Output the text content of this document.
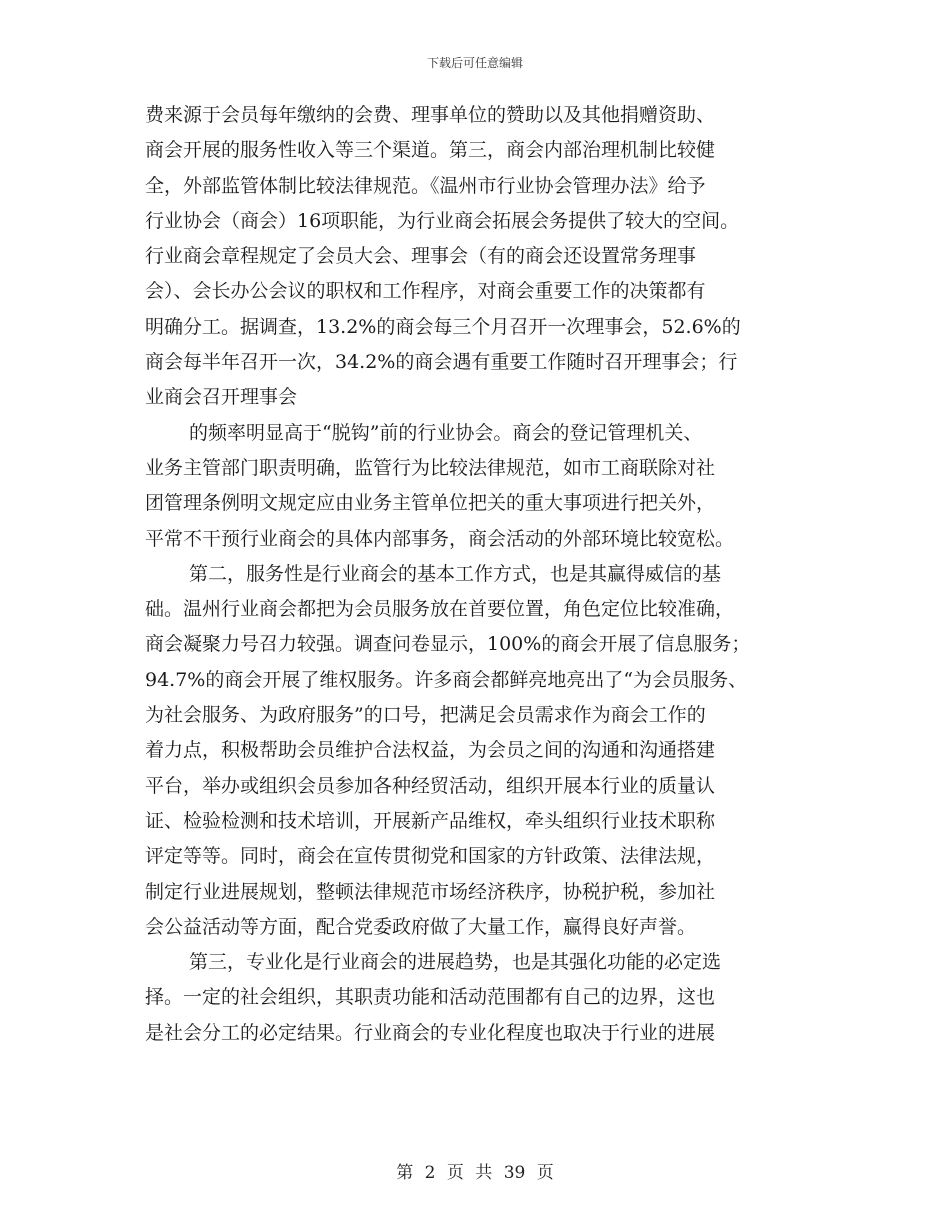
下载后可任意编辑
费来源于会员每年缴纳的会费、理事单位的赞助以及其他捐赠资助、
商会开展的服务性收入等三个渠道。第三，商会内部治理机制比较健
全，外部监管体制比较法律规范。《温州市行业协会管理办法》给予
行业协会（商会）16项职能，为行业商会拓展会务提供了较大的空间。
行业商会章程规定了会员大会、理事会（有的商会还设置常务理事
会）、会长办公会议的职权和工作程序，对商会重要工作的决策都有
明确分工。据调查，13.2%的商会每三个月召开一次理事会，52.6%的
商会每半年召开一次，34.2%的商会遇有重要工作随时召开理事会；行
业商会召开理事会
的频率明显高于“脱钩”前的行业协会。商会的登记管理机关、
业务主管部门职责明确，监管行为比较法律规范，如市工商联除对社
团管理条例明文规定应由业务主管单位把关的重大事项进行把关外，
平常不干预行业商会的具体内部事务，商会活动的外部环境比较宽松。
第二，服务性是行业商会的基本工作方式，也是其赢得威信的基
础。温州行业商会都把为会员服务放在首要位置，角色定位比较准确，
商会凝聚力号召力较强。调查问卷显示，100%的商会开展了信息服务；
94.7%的商会开展了维权服务。许多商会都鲜亮地亮出了“为会员服务、
为社会服务、为政府服务”的口号，把满足会员需求作为商会工作的
着力点，积极帮助会员维护合法权益，为会员之间的沟通和沟通搭建
平台，举办或组织会员参加各种经贸活动，组织开展本行业的质量认
证、检验检测和技术培训，开展新产品维权，牵头组织行业技术职称
评定等等。同时，商会在宣传贯彻党和国家的方针政策、法律法规，
制定行业进展规划，整顿法律规范市场经济秩序，协税护税，参加社
会公益活动等方面，配合党委政府做了大量工作，赢得良好声誉。
第三，专业化是行业商会的进展趋势，也是其强化功能的必定选
择。一定的社会组织，其职责功能和活动范围都有自己的边界，这也
是社会分工的必定结果。行业商会的专业化程度也取决于行业的进展
第 2 页 共 39 页
